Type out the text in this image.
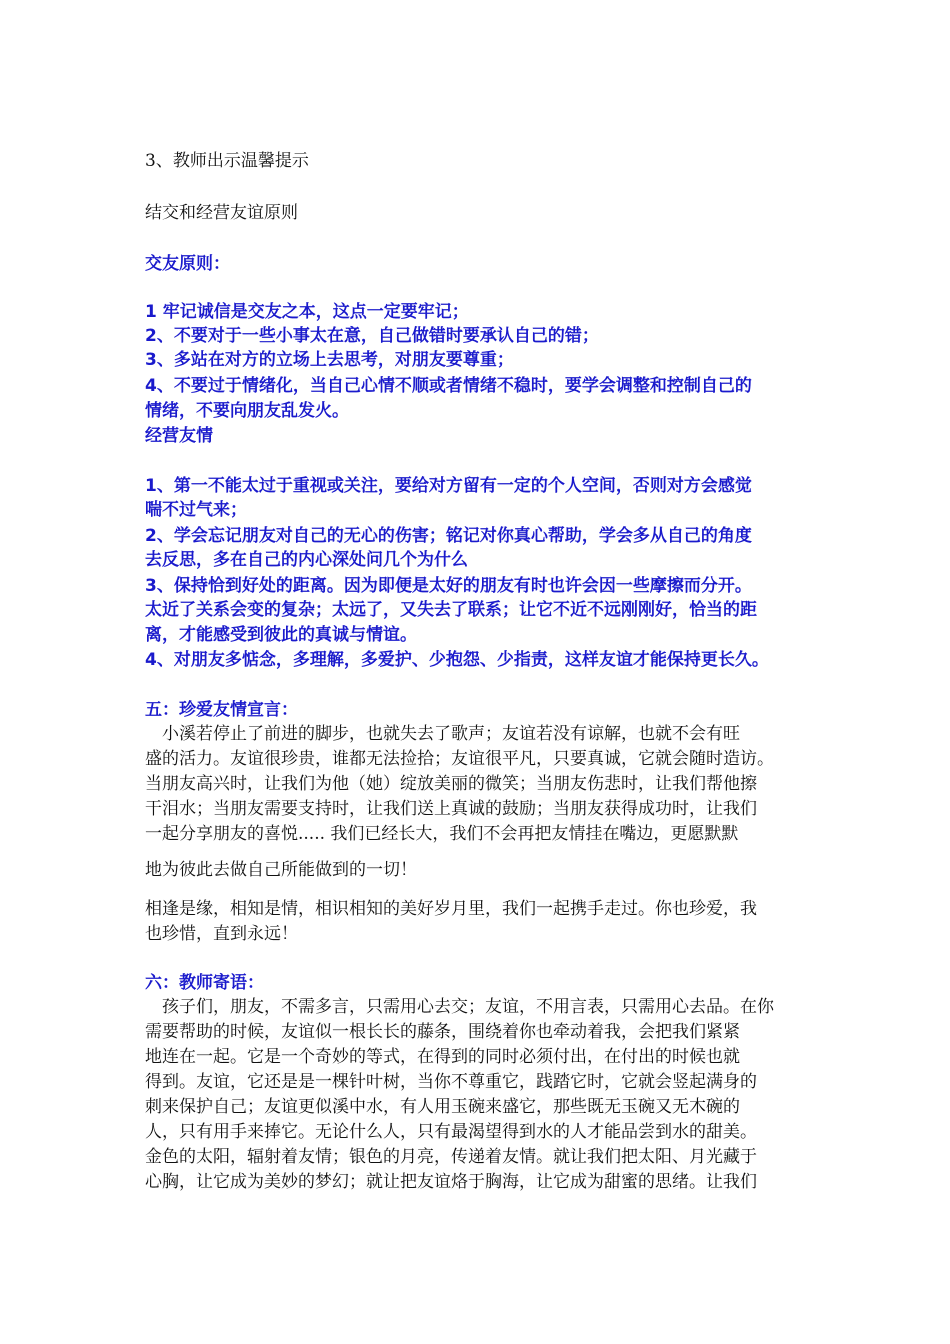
3、教师出示温馨提示
结交和经营友谊原则
交友原则：
1 牢记诚信是交友之本，这点一定要牢记；
2、不要对于一些小事太在意，自己做错时要承认自己的错；
3、多站在对方的立场上去思考，对朋友要尊重；
4、不要过于情绪化，当自己心情不顺或者情绪不稳时，要学会调整和控制自己的
情绪，不要向朋友乱发火。
经营友情
1、第一不能太过于重视或关注，要给对方留有一定的个人空间，否则对方会感觉
喘不过气来；
2、学会忘记朋友对自己的无心的伤害；铭记对你真心帮助，学会多从自己的角度
去反思，多在自己的内心深处问几个为什么
3、保持恰到好处的距离。因为即便是太好的朋友有时也许会因一些摩擦而分开。
太近了关系会变的复杂；太远了，又失去了联系；让它不近不远刚刚好，恰当的距
离，才能感受到彼此的真诚与情谊。
4、对朋友多惦念，多理解，多爱护、少抱怨、少指责，这样友谊才能保持更长久。
五：珍爱友情宣言：
　小溪若停止了前进的脚步，也就失去了歌声；友谊若没有谅解，也就不会有旺
盛的活力。友谊很珍贵，谁都无法捡拾；友谊很平凡，只要真诚，它就会随时造访。
当朋友高兴时，让我们为他（她）绽放美丽的微笑；当朋友伤悲时，让我们帮他擦
干泪水；当朋友需要支持时，让我们送上真诚的鼓励；当朋友获得成功时，让我们
一起分享朋友的喜悦..... 我们已经长大，我们不会再把友情挂在嘴边，更愿默默
地为彼此去做自己所能做到的一切！
相逢是缘，相知是情，相识相知的美好岁月里，我们一起携手走过。你也珍爱，我
也珍惜，直到永远！
六：教师寄语：
　孩子们，朋友，不需多言，只需用心去交；友谊，不用言表，只需用心去品。在你
需要帮助的时候，友谊似一根长长的藤条，围绕着你也牵动着我，会把我们紧紧
地连在一起。它是一个奇妙的等式，在得到的同时必须付出，在付出的时候也就
得到。友谊，它还是是一棵针叶树，当你不尊重它，践踏它时，它就会竖起满身的
刺来保护自己；友谊更似溪中水，有人用玉碗来盛它，那些既无玉碗又无木碗的
人，只有用手来捧它。无论什么人，只有最渴望得到水的人才能品尝到水的甜美。
金色的太阳，辐射着友情；银色的月亮，传递着友情。就让我们把太阳、月光藏于
心胸，让它成为美妙的梦幻；就让把友谊烙于胸海，让它成为甜蜜的思绪。让我们
